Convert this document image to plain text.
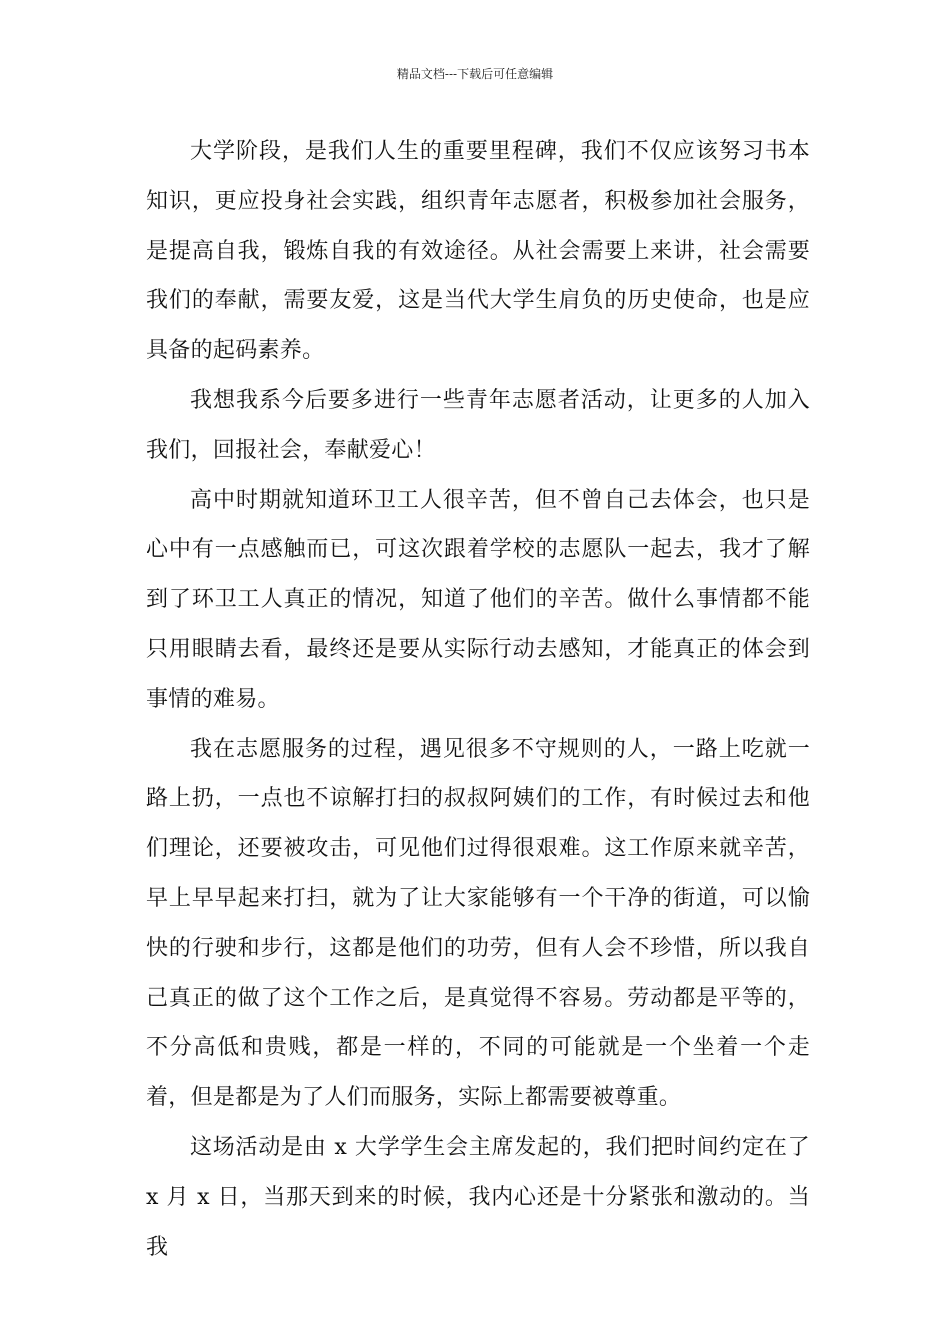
精品文档---下载后可任意编辑

大学阶段，是我们人生的重要里程碑，我们不仅应该努习书本知识，更应投身社会实践，组织青年志愿者，积极参加社会服务，是提高自我，锻炼自我的有效途径。从社会需要上来讲，社会需要我们的奉献，需要友爱，这是当代大学生肩负的历史使命，也是应具备的起码素养。

我想我系今后要多进行一些青年志愿者活动，让更多的人加入我们，回报社会，奉献爱心！

高中时期就知道环卫工人很辛苦，但不曾自己去体会，也只是心中有一点感触而已，可这次跟着学校的志愿队一起去，我才了解到了环卫工人真正的情况，知道了他们的辛苦。做什么事情都不能只用眼睛去看，最终还是要从实际行动去感知，才能真正的体会到事情的难易。

我在志愿服务的过程，遇见很多不守规则的人，一路上吃就一路上扔，一点也不谅解打扫的叔叔阿姨们的工作，有时候过去和他们理论，还要被攻击，可见他们过得很艰难。这工作原来就辛苦，早上早早起来打扫，就为了让大家能够有一个干净的街道，可以愉快的行驶和步行，这都是他们的功劳，但有人会不珍惜，所以我自己真正的做了这个工作之后，是真觉得不容易。劳动都是平等的，不分高低和贵贱，都是一样的，不同的可能就是一个坐着一个走着，但是都是为了人们而服务，实际上都需要被尊重。

这场活动是由 x 大学学生会主席发起的，我们把时间约定在了 x 月 x 日，当那天到来的时候，我内心还是十分紧张和激动的。当我
